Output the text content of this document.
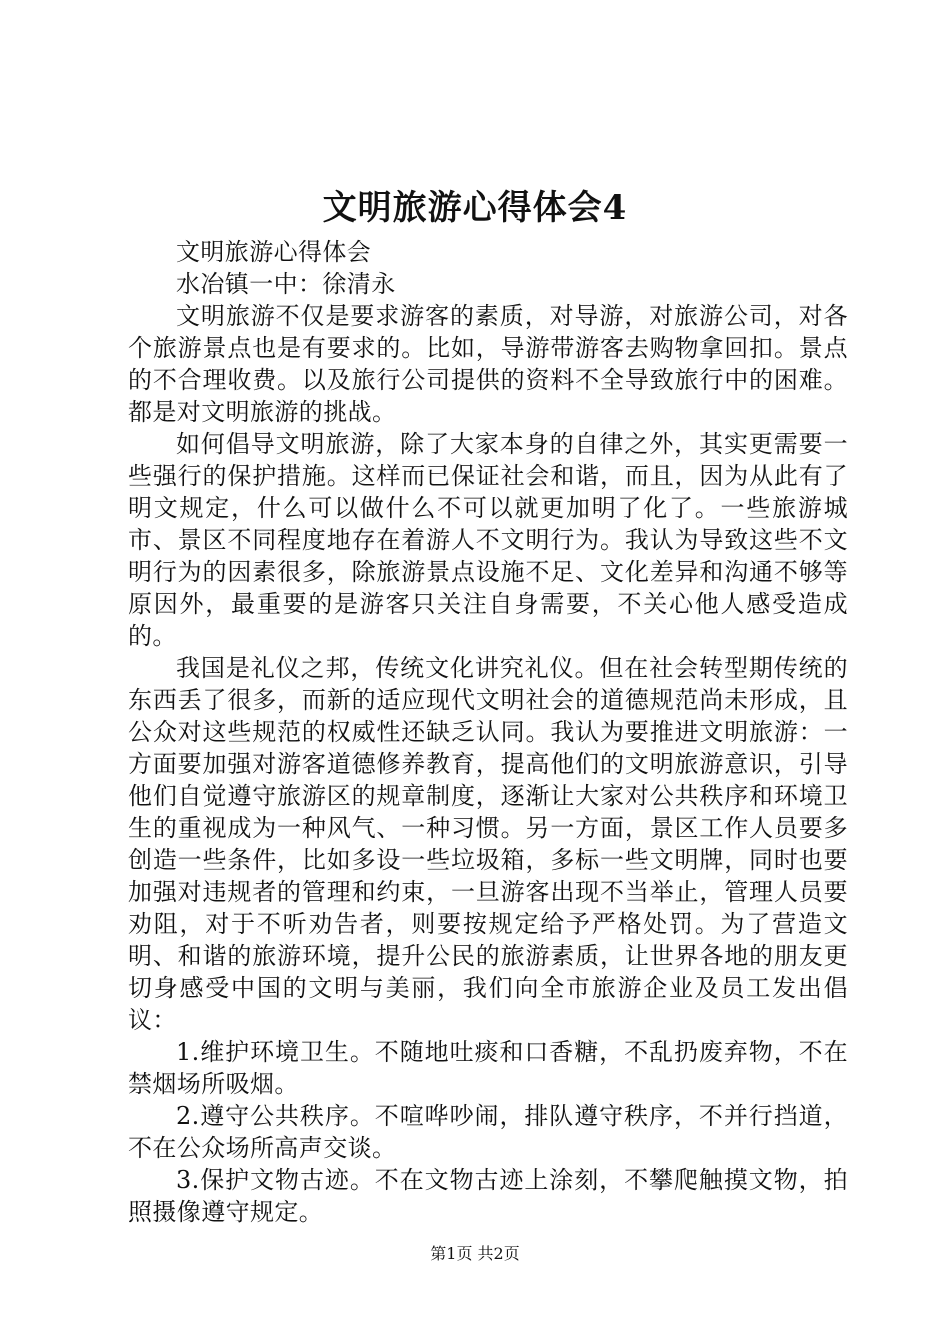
文明旅游心得体会4

文明旅游心得体会

水冶镇一中：徐清永

文明旅游不仅是要求游客的素质，对导游，对旅游公司，对各个旅游景点也是有要求的。比如，导游带游客去购物拿回扣。景点的不合理收费。以及旅行公司提供的资料不全导致旅行中的困难。都是对文明旅游的挑战。

如何倡导文明旅游，除了大家本身的自律之外，其实更需要一些强行的保护措施。这样而已保证社会和谐，而且，因为从此有了明文规定，什么可以做什么不可以就更加明了化了。一些旅游城市、景区不同程度地存在着游人不文明行为。我认为导致这些不文明行为的因素很多，除旅游景点设施不足、文化差异和沟通不够等原因外，最重要的是游客只关注自身需要，不关心他人感受造成的。

我国是礼仪之邦，传统文化讲究礼仪。但在社会转型期传统的东西丢了很多，而新的适应现代文明社会的道德规范尚未形成，且公众对这些规范的权威性还缺乏认同。我认为要推进文明旅游：一方面要加强对游客道德修养教育，提高他们的文明旅游意识，引导他们自觉遵守旅游区的规章制度，逐渐让大家对公共秩序和环境卫生的重视成为一种风气、一种习惯。另一方面，景区工作人员要多创造一些条件，比如多设一些垃圾箱，多标一些文明牌，同时也要加强对违规者的管理和约束，一旦游客出现不当举止，管理人员要劝阻，对于不听劝告者，则要按规定给予严格处罚。为了营造文明、和谐的旅游环境，提升公民的旅游素质，让世界各地的朋友更切身感受中国的文明与美丽，我们向全市旅游企业及员工发出倡议：

1.维护环境卫生。不随地吐痰和口香糖，不乱扔废弃物，不在禁烟场所吸烟。

2.遵守公共秩序。不喧哗吵闹，排队遵守秩序，不并行挡道，不在公众场所高声交谈。

3.保护文物古迹。不在文物古迹上涂刻，不攀爬触摸文物，拍照摄像遵守规定。

第1页 共2页
